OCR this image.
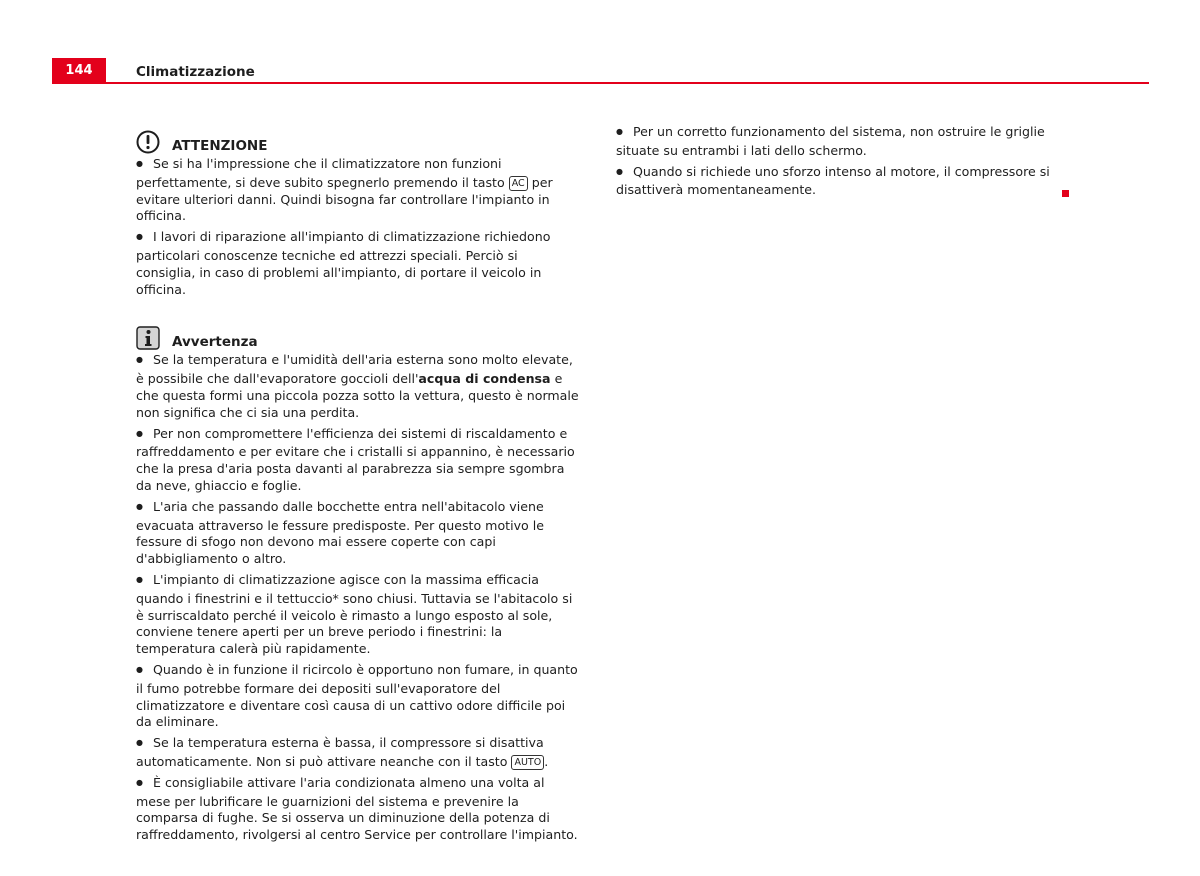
144	Climatizzazione
ATTENZIONE

● Se si ha l'impressione che il climatizzatore non funzioni perfettamente, si deve subito spegnerlo premendo il tasto AC per evitare ulteriori danni. Quindi bisogna far controllare l'impianto in officina.

● I lavori di riparazione all'impianto di climatizzazione richiedono particolari conoscenze tecniche ed attrezzi speciali. Perciò si consiglia, in caso di problemi all'impianto, di portare il veicolo in officina.

Avvertenza

● Se la temperatura e l'umidità dell'aria esterna sono molto elevate, è possibile che dall'evaporatore goccioli dell'acqua di condensa e che questa formi una piccola pozza sotto la vettura, questo è normale non significa che ci sia una perdita.

● Per non compromettere l'efficienza dei sistemi di riscaldamento e raffreddamento e per evitare che i cristalli si appannino, è necessario che la presa d'aria posta davanti al parabrezza sia sempre sgombra da neve, ghiaccio e foglie.

● L'aria che passando dalle bocchette entra nell'abitacolo viene evacuata attraverso le fessure predisposte. Per questo motivo le fessure di sfogo non devono mai essere coperte con capi d'abbigliamento o altro.

● L'impianto di climatizzazione agisce con la massima efficacia quando i finestrini e il tettuccio* sono chiusi. Tuttavia se l'abitacolo si è surriscaldato perché il veicolo è rimasto a lungo esposto al sole, conviene tenere aperti per un breve periodo i finestrini: la temperatura calerà più rapidamente.

● Quando è in funzione il ricircolo è opportuno non fumare, in quanto il fumo potrebbe formare dei depositi sull'evaporatore del climatizzatore e diventare così causa di un cattivo odore difficile poi da eliminare.

● Se la temperatura esterna è bassa, il compressore si disattiva automaticamente. Non si può attivare neanche con il tasto AUTO .

● È consigliabile attivare l'aria condizionata almeno una volta al mese per lubrificare le guarnizioni del sistema e prevenire la comparsa di fughe. Se si osserva un diminuzione della potenza di raffreddamento, rivolgersi al centro Service per controllare l'impianto.

● Per un corretto funzionamento del sistema, non ostruire le griglie situate su entrambi i lati dello schermo.

● Quando si richiede uno sforzo intenso al motore, il compressore si disattiverà momentaneamente.
